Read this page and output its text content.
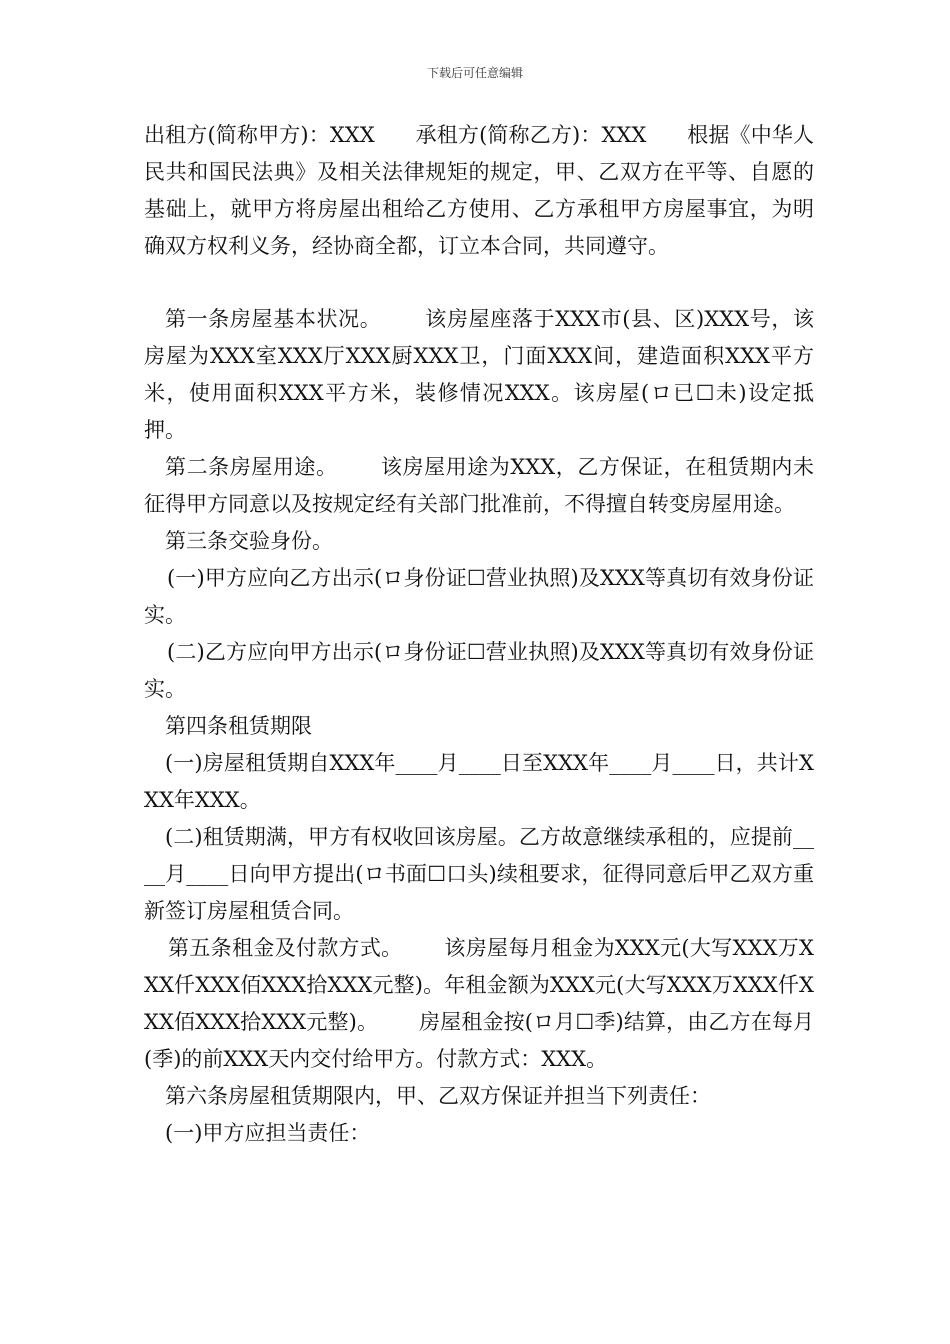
下载后可任意编辑

出租方(简称甲方)：XXX      承租方(简称乙方)：XXX      根据《中华人民共和国民法典》及相关法律规矩的规定，甲、乙双方在平等、自愿的基础上，就甲方将房屋出租给乙方使用、乙方承租甲方房屋事宜，为明确双方权利义务，经协商全都，订立本合同，共同遵守。

第一条房屋基本状况。      该房屋座落于XXX市(县、区)XXX号，该房屋为XXX室XXX厅XXX厨XXX卫，门面XXX间，建造面积XXX平方米，使用面积XXX平方米，装修情况XXX。该房屋(ロ已☐未)设定抵押。

第二条房屋用途。      该房屋用途为XXX，乙方保证，在租赁期内未征得甲方同意以及按规定经有关部门批准前，不得擅自转变房屋用途。

第三条交验身份。

(一)甲方应向乙方出示(ロ身份证☐营业执照)及XXX等真切有效身份证实。

(二)乙方应向甲方出示(ロ身份证☐营业执照)及XXX等真切有效身份证实。

第四条租赁期限

(一)房屋租赁期自XXX年____月____日至XXX年____月____日，共计XXX年XXX。

(二)租赁期满，甲方有权收回该房屋。乙方故意继续承租的，应提前____月____日向甲方提出(ロ书面☐口头)续租要求，征得同意后甲乙双方重新签订房屋租赁合同。

第五条租金及付款方式。      该房屋每月租金为XXX元(大写XXX万XXX仟XXX佰XXX拾XXX元整)。年租金额为XXX元(大写XXX万XXX仟XXX佰XXX拾XXX元整)。      房屋租金按(ロ月☐季)结算，由乙方在每月(季)的前XXX天内交付给甲方。付款方式：XXX。

第六条房屋租赁期限内，甲、乙双方保证并担当下列责任：

(一)甲方应担当责任：
